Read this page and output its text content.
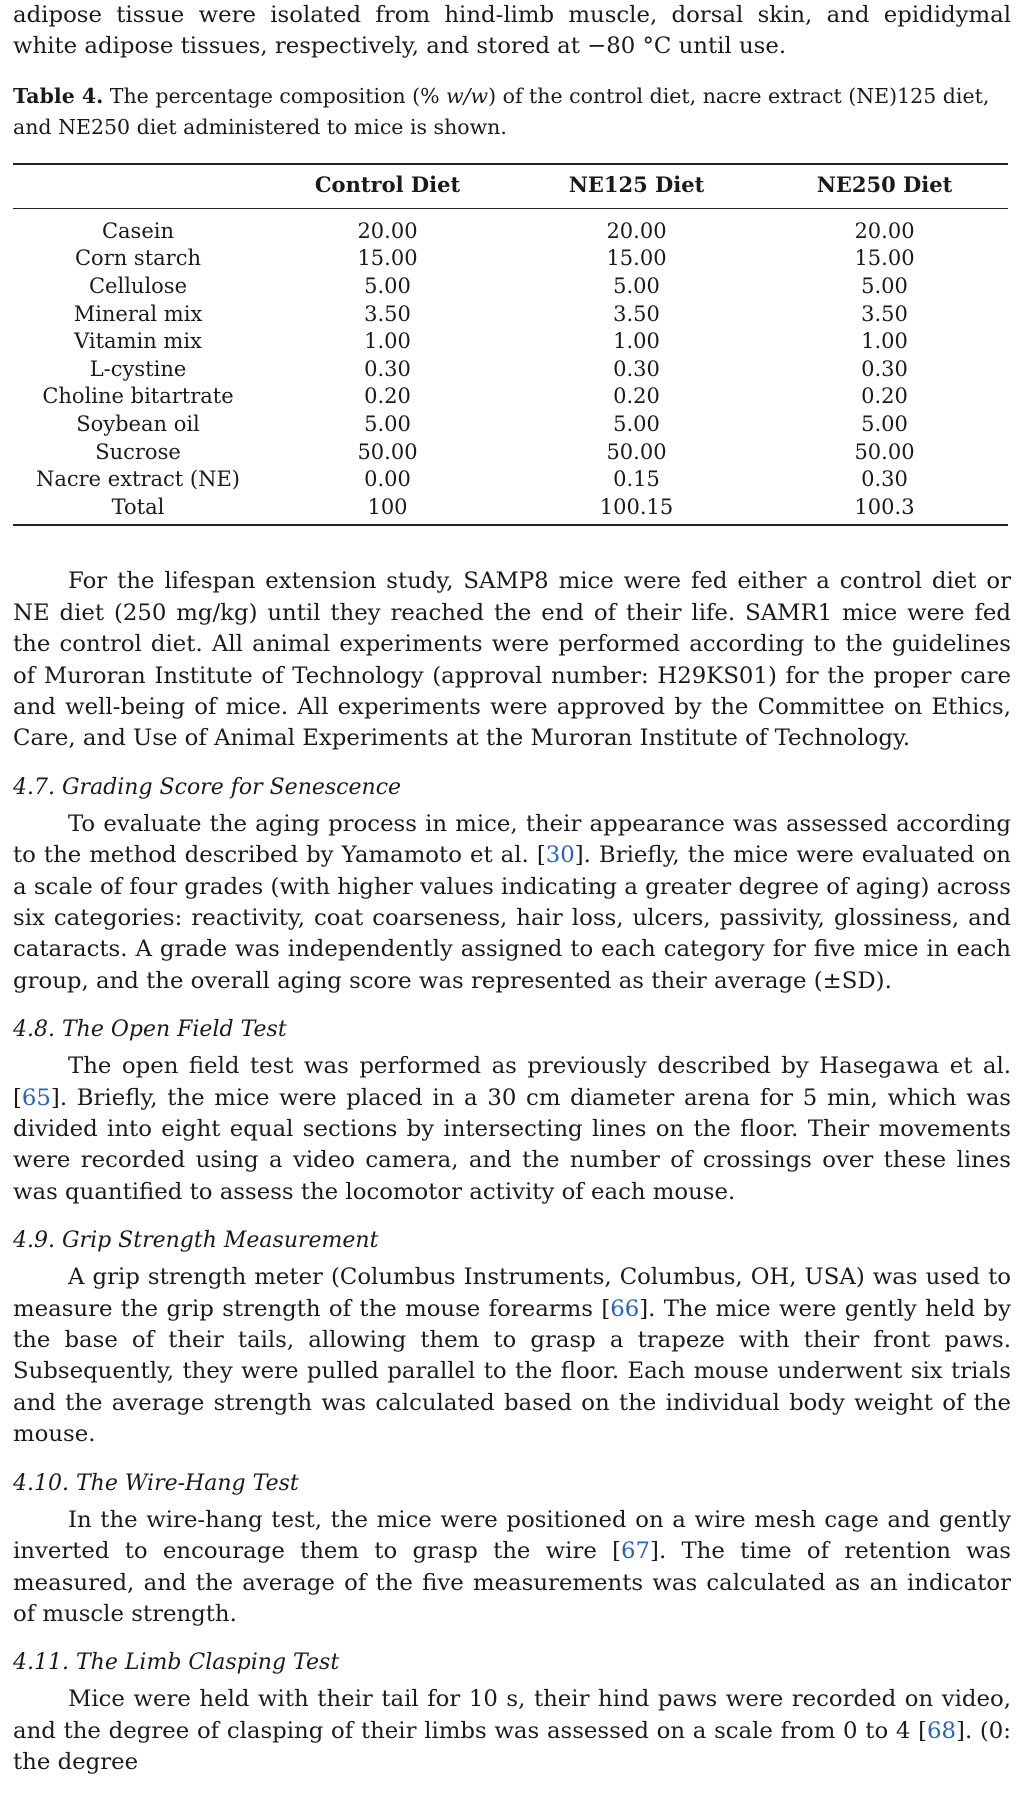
adipose tissue were isolated from hind-limb muscle, dorsal skin, and epididymal white adipose tissues, respectively, and stored at −80 °C until use.

Table 4. The percentage composition (% w/w) of the control diet, nacre extract (NE)125 diet, and NE250 diet administered to mice is shown.

	Control Diet	NE125 Diet	NE250 Diet
Casein	20.00	20.00	20.00
Corn starch	15.00	15.00	15.00
Cellulose	5.00	5.00	5.00
Mineral mix	3.50	3.50	3.50
Vitamin mix	1.00	1.00	1.00
L-cystine	0.30	0.30	0.30
Choline bitartrate	0.20	0.20	0.20
Soybean oil	5.00	5.00	5.00
Sucrose	50.00	50.00	50.00
Nacre extract (NE)	0.00	0.15	0.30
Total	100	100.15	100.3

For the lifespan extension study, SAMP8 mice were fed either a control diet or NE diet (250 mg/kg) until they reached the end of their life. SAMR1 mice were fed the control diet. All animal experiments were performed according to the guidelines of Muroran Institute of Technology (approval number: H29KS01) for the proper care and well-being of mice. All experiments were approved by the Committee on Ethics, Care, and Use of Animal Experiments at the Muroran Institute of Technology.

4.7. Grading Score for Senescence

To evaluate the aging process in mice, their appearance was assessed according to the method described by Yamamoto et al. [30]. Briefly, the mice were evaluated on a scale of four grades (with higher values indicating a greater degree of aging) across six categories: reactivity, coat coarseness, hair loss, ulcers, passivity, glossiness, and cataracts. A grade was independently assigned to each category for five mice in each group, and the overall aging score was represented as their average (±SD).

4.8. The Open Field Test

The open field test was performed as previously described by Hasegawa et al. [65]. Briefly, the mice were placed in a 30 cm diameter arena for 5 min, which was divided into eight equal sections by intersecting lines on the floor. Their movements were recorded using a video camera, and the number of crossings over these lines was quantified to assess the locomotor activity of each mouse.

4.9. Grip Strength Measurement

A grip strength meter (Columbus Instruments, Columbus, OH, USA) was used to measure the grip strength of the mouse forearms [66]. The mice were gently held by the base of their tails, allowing them to grasp a trapeze with their front paws. Subsequently, they were pulled parallel to the floor. Each mouse underwent six trials and the average strength was calculated based on the individual body weight of the mouse.

4.10. The Wire-Hang Test

In the wire-hang test, the mice were positioned on a wire mesh cage and gently inverted to encourage them to grasp the wire [67]. The time of retention was measured, and the average of the five measurements was calculated as an indicator of muscle strength.

4.11. The Limb Clasping Test

Mice were held with their tail for 10 s, their hind paws were recorded on video, and the degree of clasping of their limbs was assessed on a scale from 0 to 4 [68]. (0: the degree
